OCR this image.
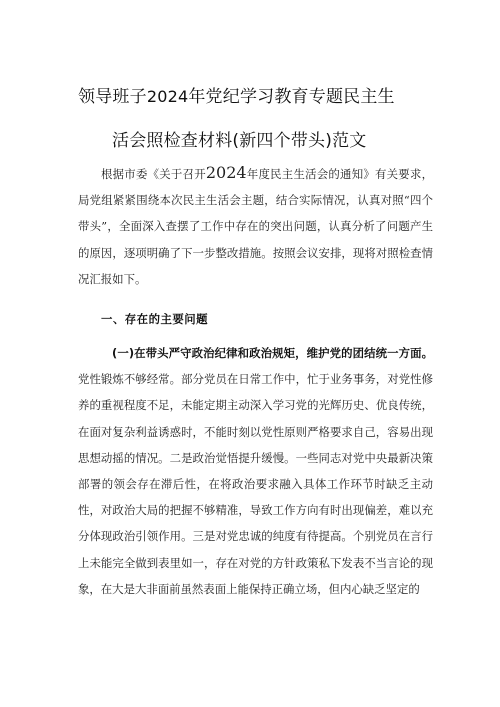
领导班子2024年党纪学习教育专题民主生
活会照检查材料(新四个带头)范文

根据市委《关于召开2024年度民主生活会的通知》有关要求，局党组紧紧围绕本次民主生活会主题，结合实际情况，认真对照“四个带头”，全面深入查摆了工作中存在的突出问题，认真分析了问题产生的原因，逐项明确了下一步整改措施。按照会议安排，现将对照检查情况汇报如下。

一、存在的主要问题

(一)在带头严守政治纪律和政治规矩，维护党的团结统一方面。党性锻炼不够经常。部分党员在日常工作中，忙于业务事务，对党性修养的重视程度不足，未能定期主动深入学习党的光辉历史、优良传统，在面对复杂利益诱惑时，不能时刻以党性原则严格要求自己，容易出现思想动摇的情况。二是政治觉悟提升缓慢。一些同志对党中央最新决策部署的领会存在滞后性，在将政治要求融入具体工作环节时缺乏主动性，对政治大局的把握不够精准，导致工作方向有时出现偏差，难以充分体现政治引领作用。三是对党忠诚的纯度有待提高。个别党员在言行上未能完全做到表里如一，存在对党的方针政策私下发表不当言论的现象，在大是大非面前虽然表面上能保持正确立场，但内心缺乏坚定的
